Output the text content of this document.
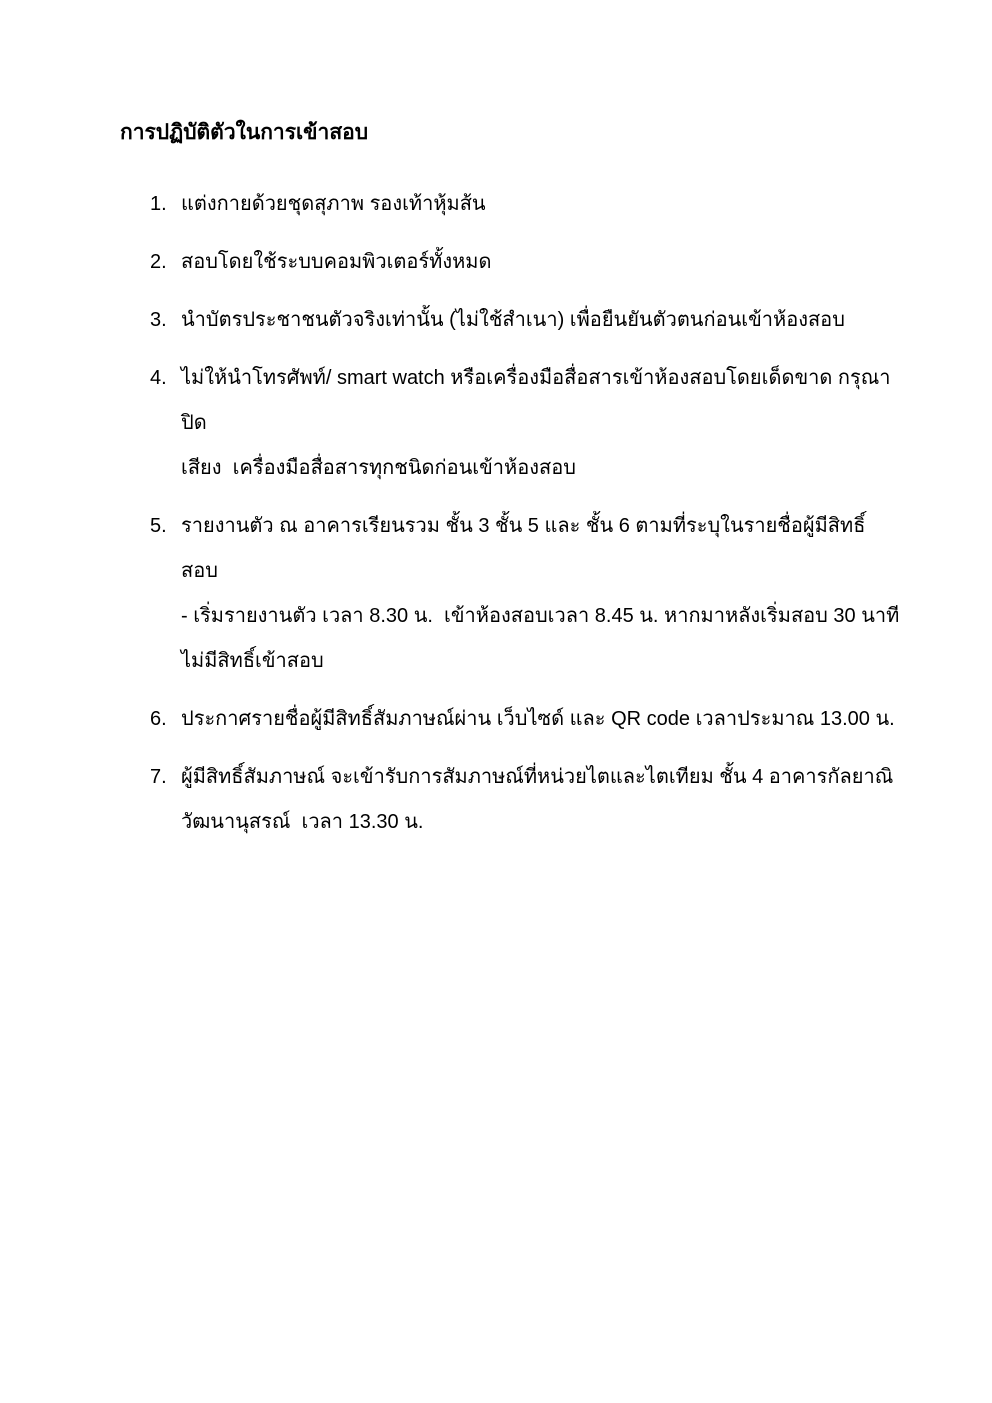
การปฏิบัติตัวในการเข้าสอบ
1. แต่งกายด้วยชุดสุภาพ รองเท้าหุ้มส้น
2. สอบโดยใช้ระบบคอมพิวเตอร์ทั้งหมด
3. นำบัตรประชาชนตัวจริงเท่านั้น (ไม่ใช้สำเนา) เพื่อยืนยันตัวตนก่อนเข้าห้องสอบ
4. ไม่ให้นำโทรศัพท์/ smart watch หรือเครื่องมือสื่อสารเข้าห้องสอบโดยเด็ดขาด กรุณาปิด
เสียง  เครื่องมือสื่อสารทุกชนิดก่อนเข้าห้องสอบ
5. รายงานตัว ณ อาคารเรียนรวม ชั้น 3 ชั้น 5 และ ชั้น 6 ตามที่ระบุในรายชื่อผู้มีสิทธิ์สอบ
- เริ่มรายงานตัว เวลา 8.30 น.  เข้าห้องสอบเวลา 8.45 น. หากมาหลังเริ่มสอบ 30 นาที
ไม่มีสิทธิ์เข้าสอบ
6. ประกาศรายชื่อผู้มีสิทธิ์สัมภาษณ์ผ่าน เว็บไซด์ และ QR code เวลาประมาณ 13.00 น.
7. ผู้มีสิทธิ์สัมภาษณ์ จะเข้ารับการสัมภาษณ์ที่หน่วยไตและไตเทียม ชั้น 4 อาคารกัลยาณิ
วัฒนานุสรณ์  เวลา 13.30 น.
